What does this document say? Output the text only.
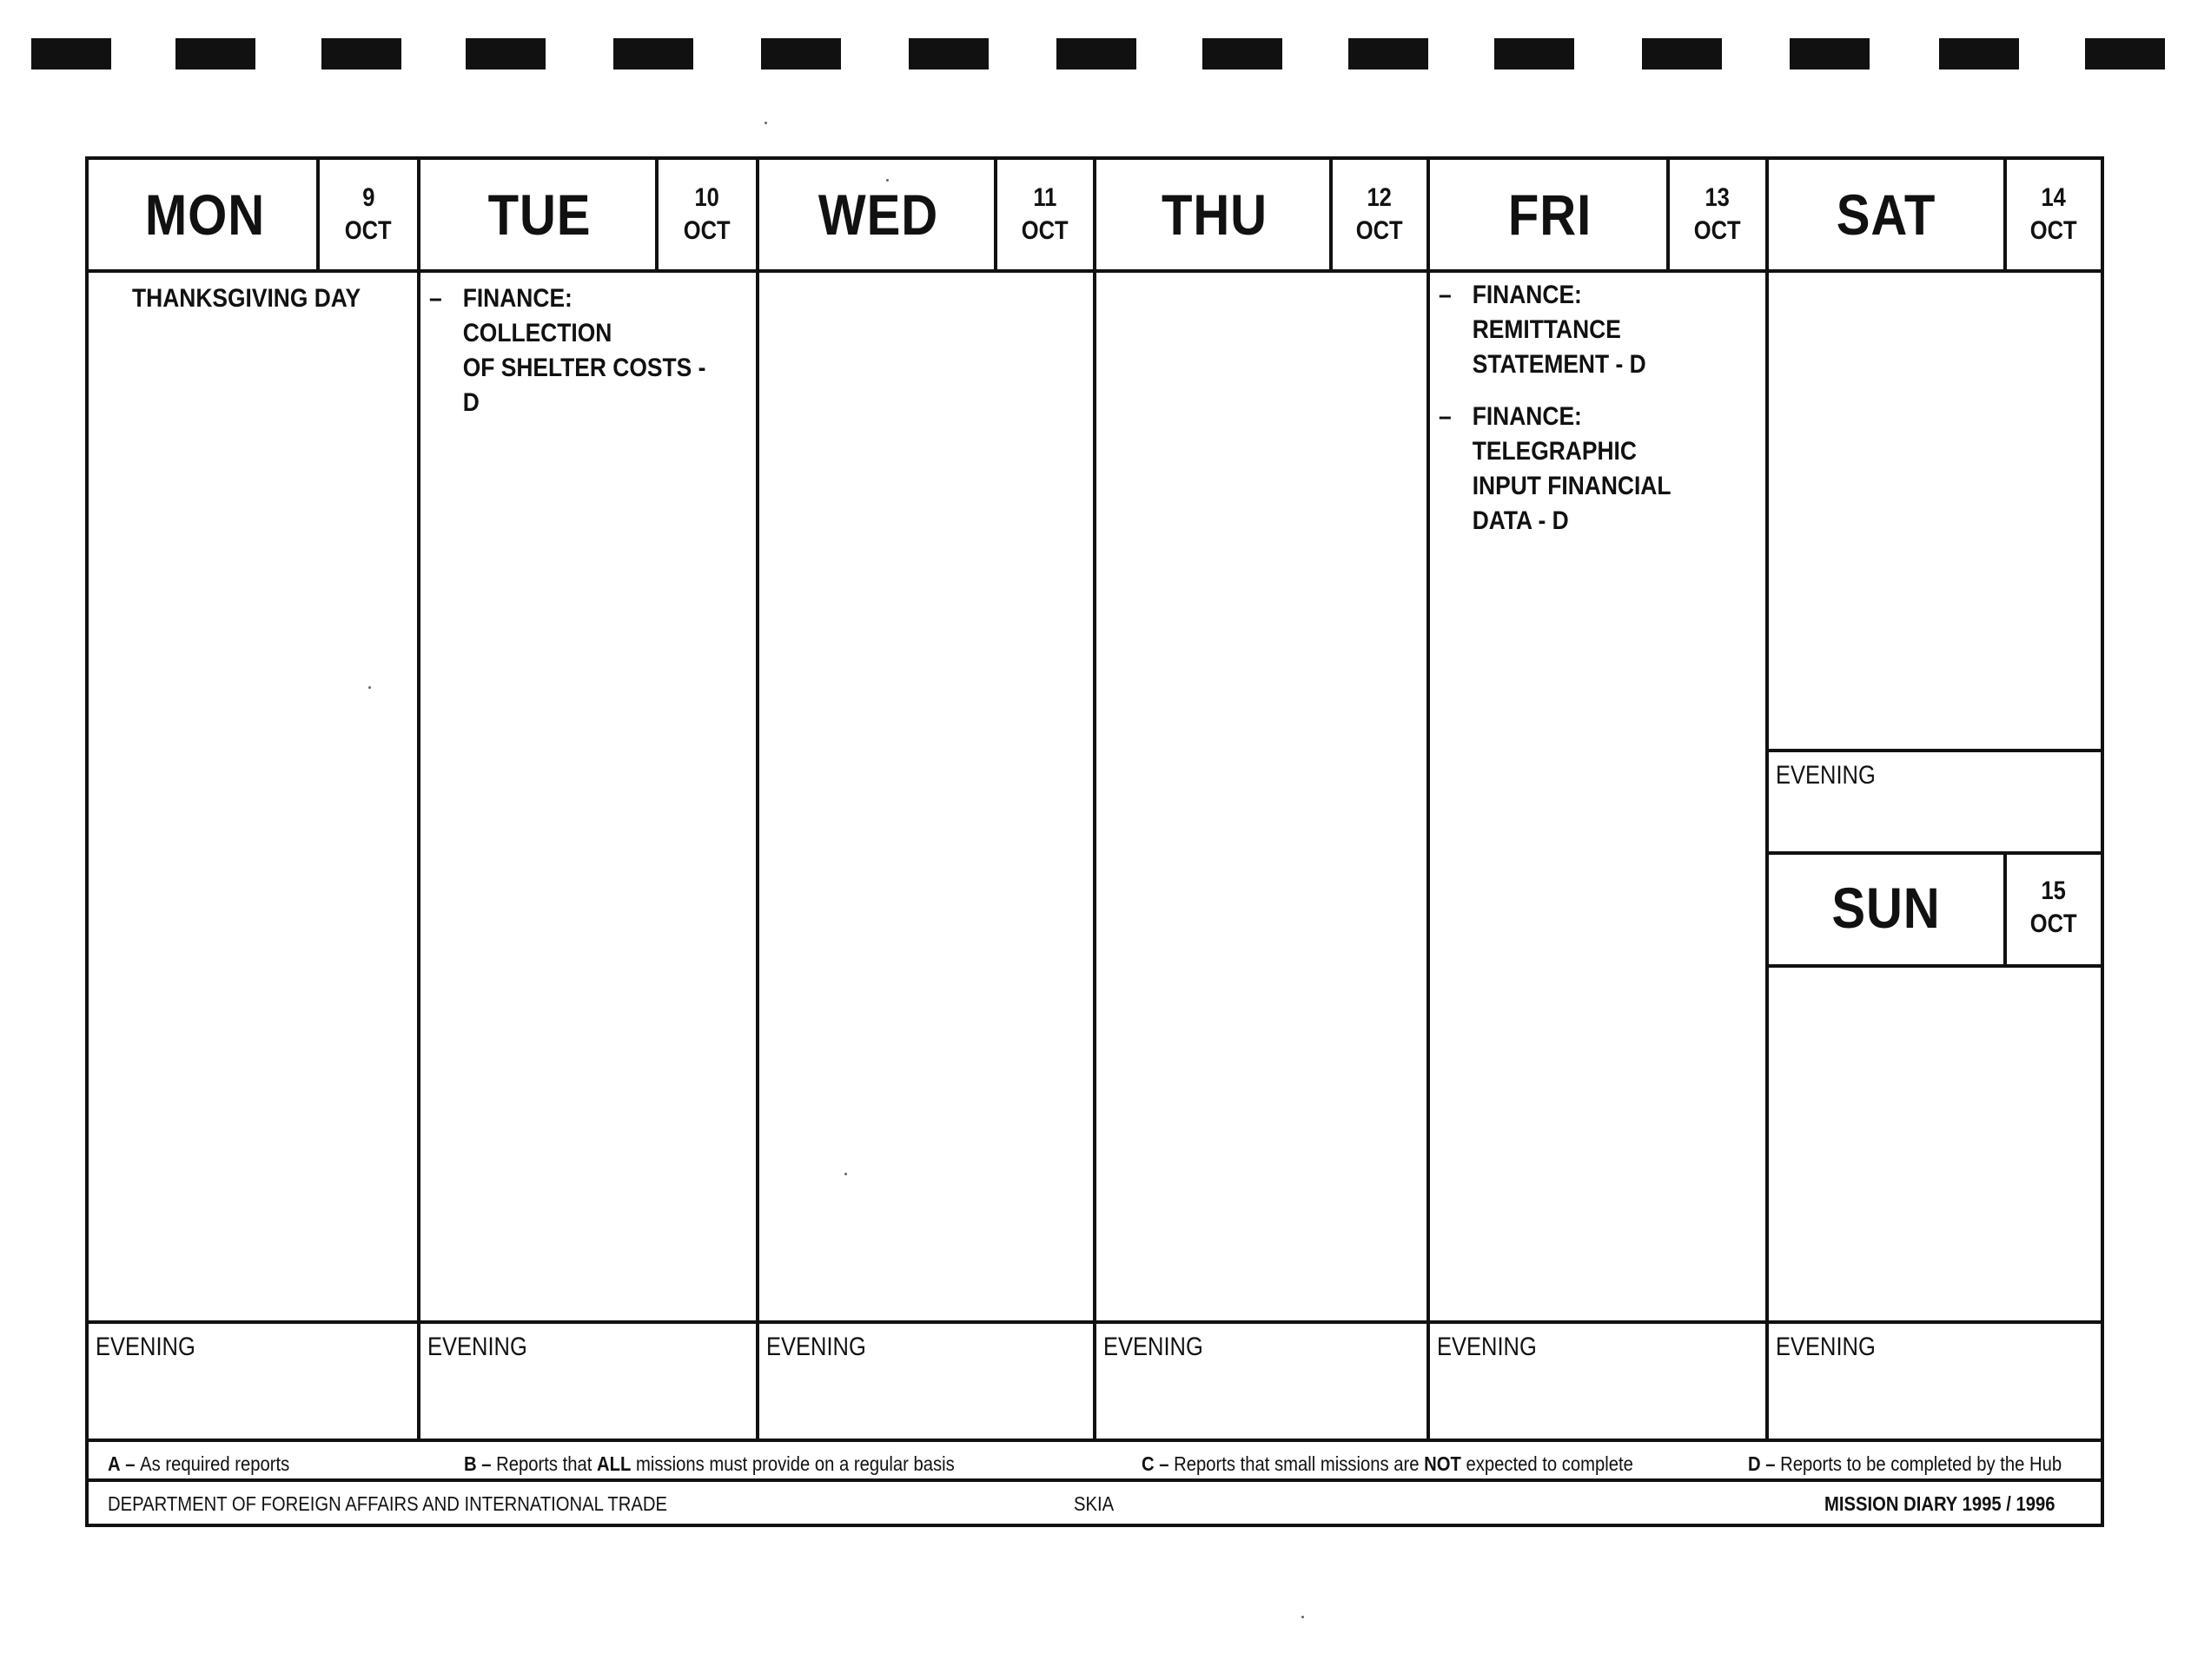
MON	9
OCT
THANKSGIVING DAY
EVENING
TUE	10
OCT
– FINANCE: COLLECTION
OF SHELTER COSTS - D
EVENING
WED	11
OCT
EVENING
THU	12
OCT
EVENING
FRI	13
OCT
– FINANCE: REMITTANCE
STATEMENT - D
– FINANCE: TELEGRAPHIC
INPUT FINANCIAL
DATA - D
EVENING
SAT	14
OCT
EVENING
SUN	15
OCT
EVENING
A – As required reports	B – Reports that ALL missions must provide on a regular basis	C – Reports that small missions are NOT expected to complete	D – Reports to be completed by the Hub
DEPARTMENT OF FOREIGN AFFAIRS AND INTERNATIONAL TRADE	SKIA	MISSION DIARY 1995 / 1996
